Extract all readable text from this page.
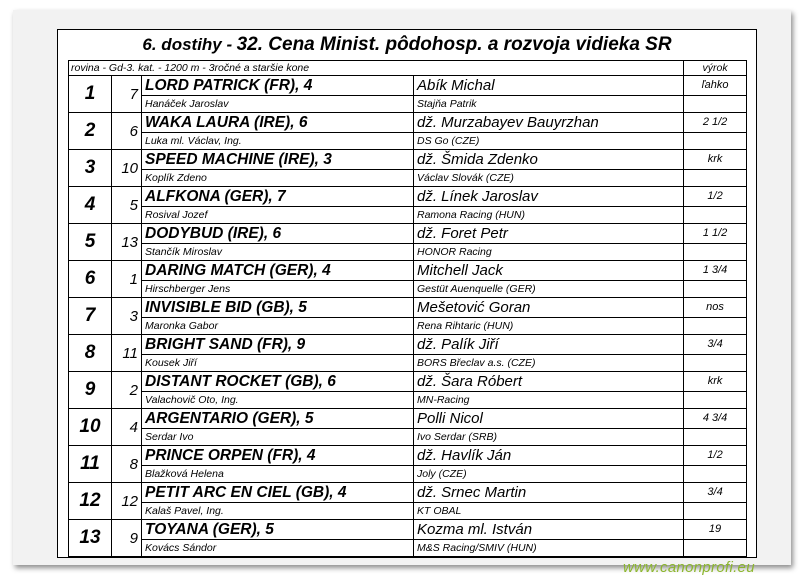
6. dostihy - 32. Cena Minist. pôdohosp. a rozvoja vidieka SR
rovina - Gd-3. kat. - 1200 m - 3ročné a staršie kone				výrok
1	7	LORD PATRICK (FR), 4	Abík Michal	ľahko
		Hanáček Jaroslav	Stajňa Patrik	
2	6	WAKA LAURA (IRE), 6	dž. Murzabayev Bauyrzhan	2 1/2
		Luka ml. Václav, Ing.	DS Go (CZE)	
3	10	SPEED MACHINE (IRE), 3	dž. Šmida Zdenko	krk
		Koplík Zdeno	Václav Slovák (CZE)	
4	5	ALFKONA (GER), 7	dž. Línek Jaroslav	1/2
		Rosival Jozef	Ramona Racing (HUN)	
5	13	DODYBUD (IRE), 6	dž. Foret Petr	1 1/2
		Stančík Miroslav	HONOR Racing	
6	1	DARING MATCH (GER), 4	Mitchell Jack	1 3/4
		Hirschberger Jens	Gestüt Auenquelle (GER)	
7	3	INVISIBLE BID (GB), 5	Mešetović Goran	nos
		Maronka Gabor	Rena Rihtaric (HUN)	
8	11	BRIGHT SAND (FR), 9	dž. Palík Jiří	3/4
		Kousek Jiří	BORS Břeclav a.s. (CZE)	
9	2	DISTANT ROCKET (GB), 6	dž. Šara Róbert	krk
		Valachovič Oto, Ing.	MN-Racing	
10	4	ARGENTARIO (GER), 5	Polli Nicol	4 3/4
		Serdar Ivo	Ivo Serdar (SRB)	
11	8	PRINCE ORPEN (FR), 4	dž. Havlík Ján	1/2
		Blažková Helena	Joly (CZE)	
12	12	PETIT ARC EN CIEL (GB), 4	dž. Srnec Martin	3/4
		Kalaš Pavel, Ing.	KT OBAL	
13	9	TOYANA (GER), 5	Kozma ml. István	19
		Kovács Sándor	M&S Racing/SMIV (HUN)	
www.canonprofi.eu
